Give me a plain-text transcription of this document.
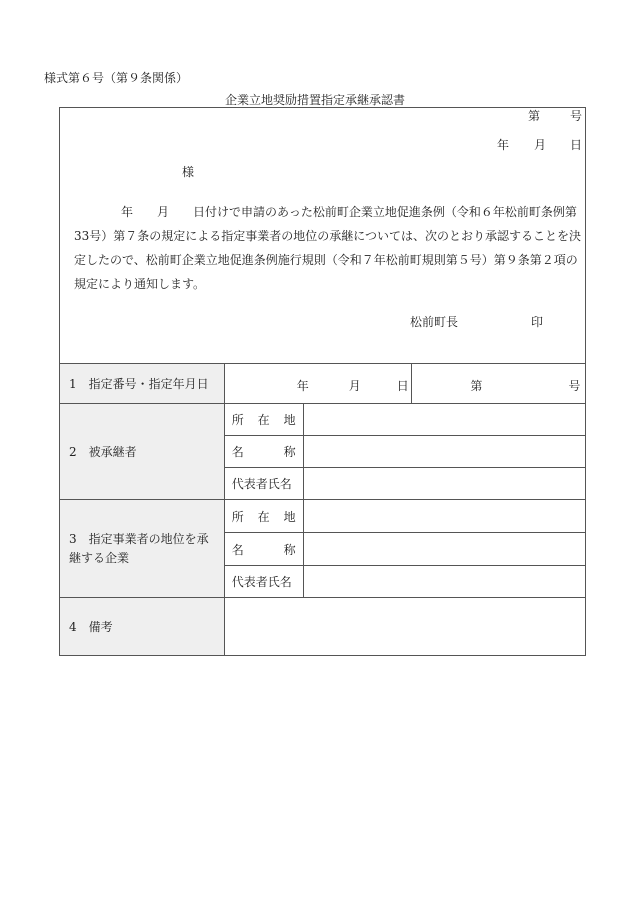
様式第６号（第９条関係）
企業立地奨励措置指定承継承認書
第 号
年 月 日
様
年　　月　　日付けで申請のあった松前町企業立地促進条例（令和６年松前町条例第
33号）第７条の規定による指定事業者の地位の承継については、次のとおり承認することを決
定したので、松前町企業立地促進条例施行規則（令和７年松前町規則第５号）第９条第２項の
規定により通知します。
松前町長	印
1　指定番号・指定年月日	年 月 日		第 号

2　被承継者	所 在 地		

	名 称		

	代表者氏名		
3　指定事業者の地位を承継する企業	所 在 地		

	名 称		

	代表者氏名		
4　備考			
